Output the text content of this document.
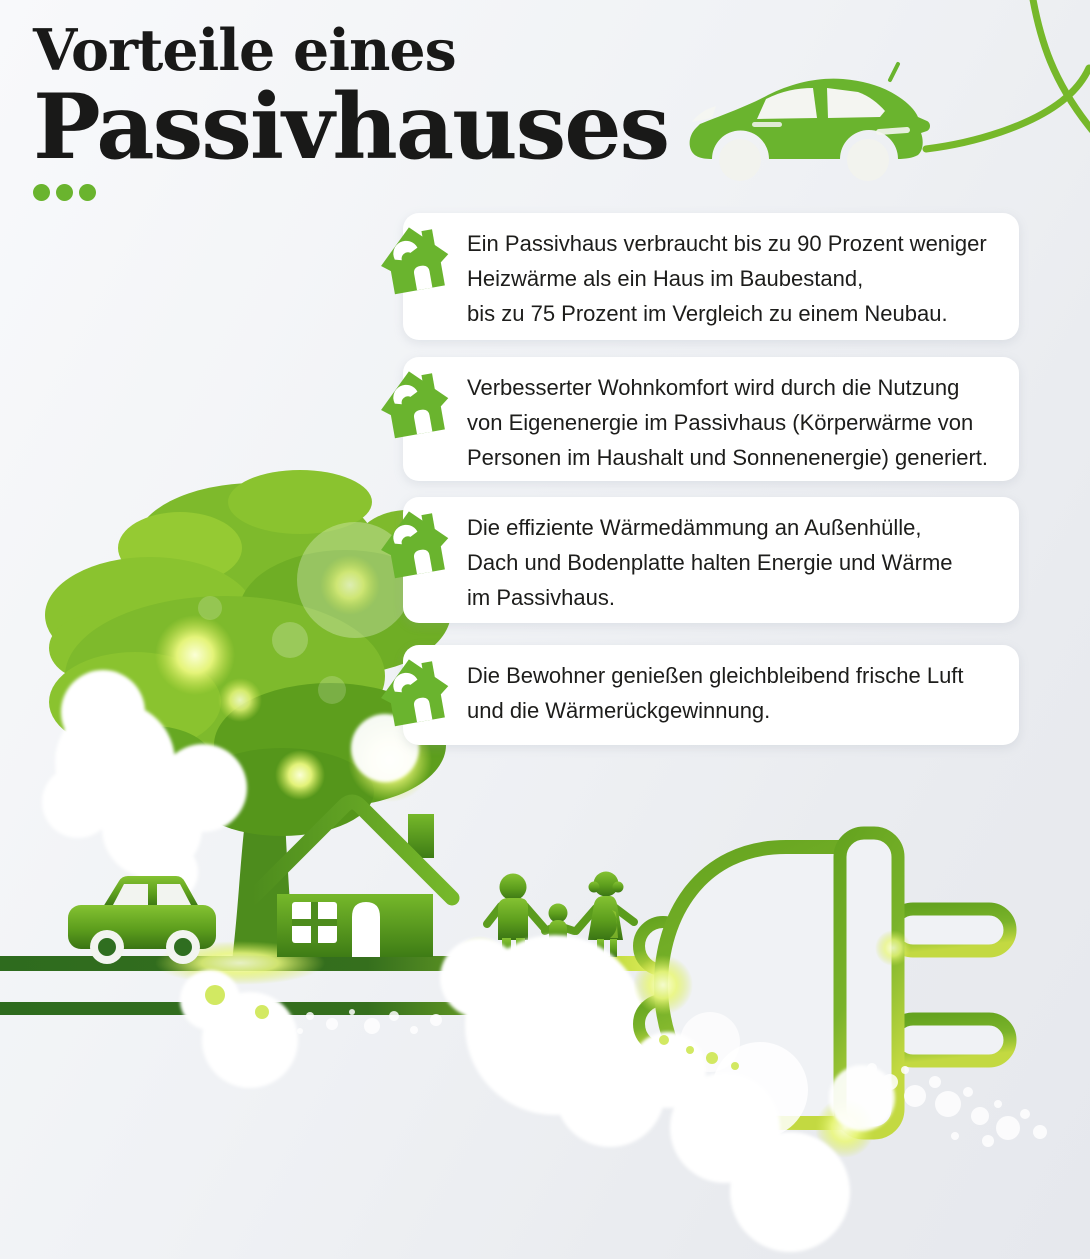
Vorteile eines
Passivhauses
Ein Passivhaus verbraucht bis zu 90 Prozent weniger
Heizwärme als ein Haus im Baubestand,
bis zu 75 Prozent im Vergleich zu einem Neubau.
Verbesserter Wohnkomfort wird durch die Nutzung
von Eigenenergie im Passivhaus (Körperwärme von
Personen im Haushalt und Sonnenenergie) generiert.
Die effiziente Wärmedämmung an Außenhülle,
Dach und Bodenplatte halten Energie und Wärme
im Passivhaus.
Die Bewohner genießen gleichbleibend frische Luft
und die Wärmerückgewinnung.
